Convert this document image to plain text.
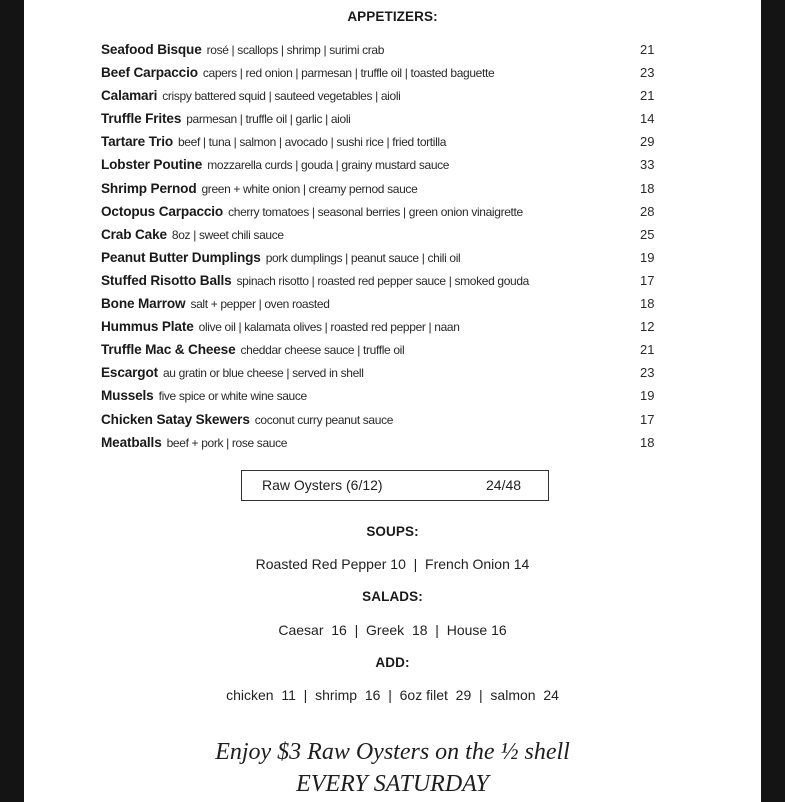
APPETIZERS:
Seafood Bisque rosé | scallops | shrimp | surimi crab	21
Beef Carpaccio capers | red onion | parmesan | truffle oil | toasted baguette	23
Calamari crispy battered squid | sauteed vegetables | aioli	21
Truffle Frites parmesan | truffle oil | garlic | aioli	14
Tartare Trio beef | tuna | salmon | avocado | sushi rice | fried tortilla	29
Lobster Poutine mozzarella curds | gouda | grainy mustard sauce	33
Shrimp Pernod green + white onion | creamy pernod sauce	18
Octopus Carpaccio cherry tomatoes | seasonal berries | green onion vinaigrette	28
Crab Cake 8oz | sweet chili sauce	25
Peanut Butter Dumplings pork dumplings | peanut sauce | chili oil	19
Stuffed Risotto Balls spinach risotto | roasted red pepper sauce | smoked gouda	17
Bone Marrow salt + pepper | oven roasted	18
Hummus Plate olive oil | kalamata olives | roasted red pepper | naan	12
Truffle Mac & Cheese cheddar cheese sauce | truffle oil	21
Escargot au gratin or blue cheese | served in shell	23
Mussels five spice or white wine sauce	19
Chicken Satay Skewers coconut curry peanut sauce	17
Meatballs beef + pork | rose sauce	18
Raw Oysters (6/12)	24/48
SOUPS:
Roasted Red Pepper 10  |  French Onion 14
SALADS:
Caesar  16  |  Greek  18  |  House 16
ADD:
chicken  11  |  shrimp  16  |  6oz filet  29  |  salmon  24
Enjoy $3 Raw Oysters on the ½ shell
EVERY SATURDAY
